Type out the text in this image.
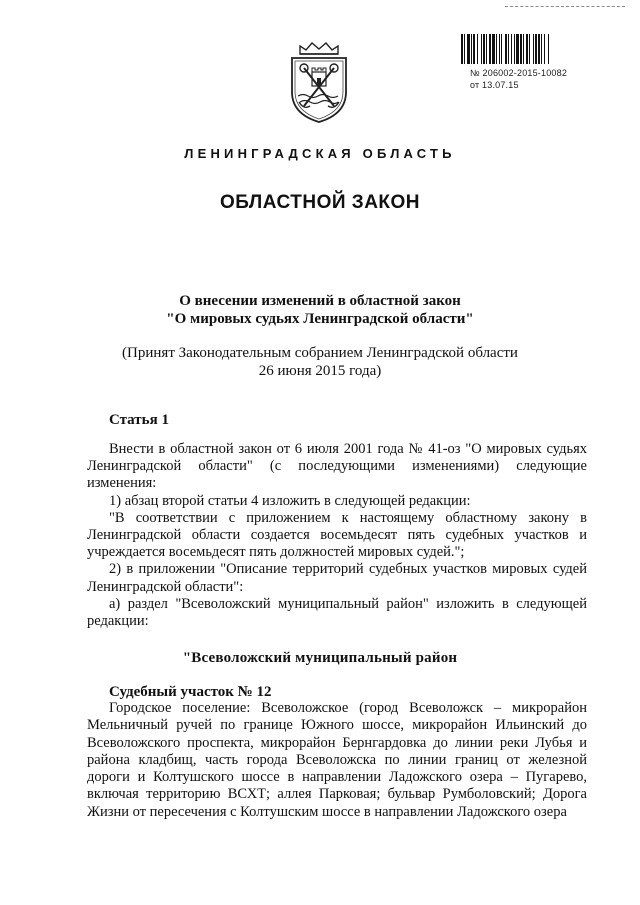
№ 206002-2015-10082
от 13.07.15
ЛЕНИНГРАДСКАЯ ОБЛАСТЬ
ОБЛАСТНОЙ ЗАКОН
О внесении изменений в областной закон
"О мировых судьях Ленинградской области"
(Принят Законодательным собранием Ленинградской области
26 июня 2015 года)
Статья 1

Внести в областной закон от 6 июля 2001 года № 41-оз "О мировых судьях Ленинградской области" (с последующими изменениями) следующие изменения:

1) абзац второй статьи 4 изложить в следующей редакции:

"В соответствии с приложением к настоящему областному закону в Ленинградской области создается восемьдесят пять судебных участков и учреждается восемьдесят пять должностей мировых судей.";

2) в приложении "Описание территорий судебных участков мировых судей Ленинградской области":

а) раздел "Всеволожский муниципальный район" изложить в следующей редакции:

"Всеволожский муниципальный район
Судебный участок № 12

Городское поселение: Всеволожское (город Всеволожск – микрорайон Мельничный ручей по границе Южного шоссе, микрорайон Ильинский до Всеволожского проспекта, микрорайон Бернгардовка до линии реки Лубья и района кладбищ, часть города Всеволожска по линии границ от железной дороги и Колтушского шоссе в направлении Ладожского озера – Пугарево, включая территорию ВСХТ; аллея Парковая; бульвар Румболовский; Дорога Жизни от пересечения с Колтушским шоссе в направлении Ладожского озера
